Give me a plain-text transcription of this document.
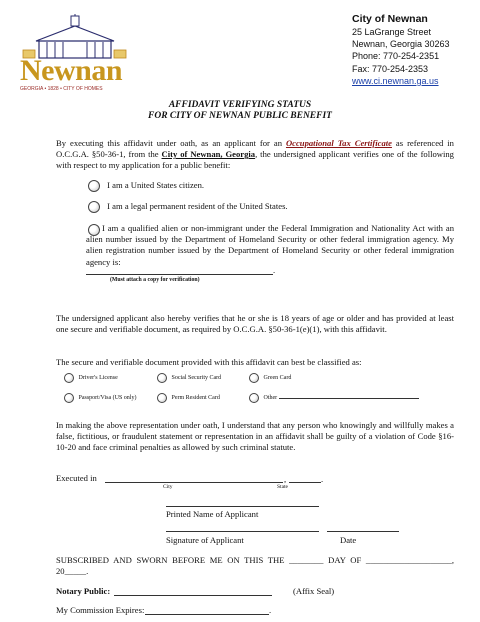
Newnan
GEORGIA • 1828 • CITY OF HOMES
City of Newnan
25 LaGrange Street
Newnan, Georgia 30263
Phone: 770-254-2351
Fax: 770-254-2353
www.ci.newnan.ga.us
AFFIDAVIT VERIFYING STATUS
FOR CITY OF NEWNAN PUBLIC BENEFIT
By executing this affidavit under oath, as an applicant for an Occupational Tax Certificate as referenced in O.C.G.A. §50-36-1, from the City of Newnan, Georgia, the undersigned applicant verifies one of the following with respect to my application for a public benefit:
I am a United States citizen.
I am a legal permanent resident of the United States.
I am a qualified alien or non-immigrant under the Federal Immigration and Nationality Act with an alien number issued by the Department of Homeland Security or other federal immigration agency. My alien registration number issued by the Department of Homeland Security or other federal immigration agency is:
.
(Must attach a copy for verification)
The undersigned applicant also hereby verifies that he or she is 18 years of age or older and has provided at least one secure and verifiable document, as required by O.C.G.A. §50-36-1(e)(1), with this affidavit.
The secure and verifiable document provided with this affidavit can best be classified as:
Driver's License	Social Security Card	Green Card
Passport/Visa (US only)	Perm Resident Card	Other
In making the above representation under oath, I understand that any person who knowingly and willfully makes a false, fictitious, or fraudulent statement or representation in an affidavit shall be guilty of a violation of Code §16-10-20 and face criminal penalties as allowed by such criminal statute.
Executed in	,	.
City	State
Printed Name of Applicant
Signature of Applicant	Date
SUBSCRIBED AND SWORN BEFORE ME ON THIS THE ________ DAY OF ____________________, 20_____.
Notary Public:	(Affix Seal)
My Commission Expires:	.
